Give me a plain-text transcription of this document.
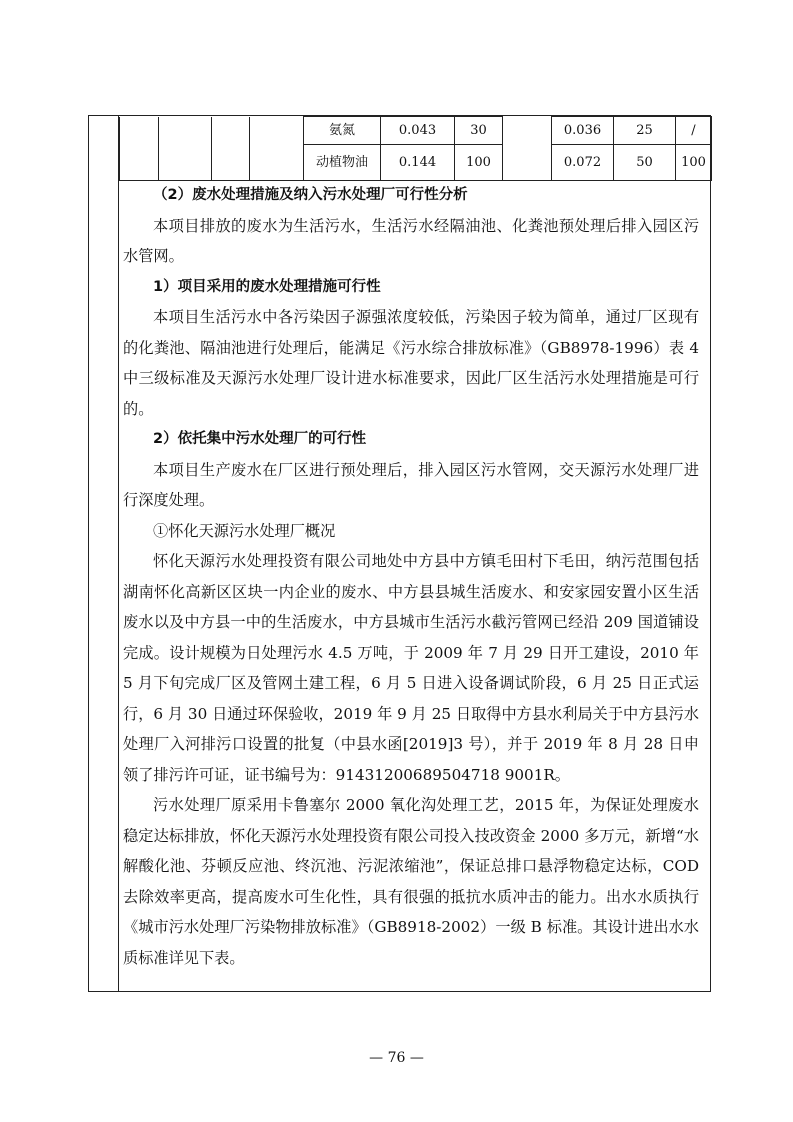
				氨氮	0.043	30		0.036	25	/
				动植物油	0.144	100		0.072	50	100

（2）废水处理措施及纳入污水处理厂可行性分析

本项目排放的废水为生活污水，生活污水经隔油池、化粪池预处理后排入园区污水管网。

1）项目采用的废水处理措施可行性

本项目生活污水中各污染因子源强浓度较低，污染因子较为简单，通过厂区现有的化粪池、隔油池进行处理后，能满足《污水综合排放标准》（GB8978-1996）表 4 中三级标准及天源污水处理厂设计进水标准要求，因此厂区生活污水处理措施是可行的。

2）依托集中污水处理厂的可行性

本项目生产废水在厂区进行预处理后，排入园区污水管网，交天源污水处理厂进行深度处理。

①怀化天源污水处理厂概况

怀化天源污水处理投资有限公司地处中方县中方镇毛田村下毛田，纳污范围包括湖南怀化高新区区块一内企业的废水、中方县县城生活废水、和安家园安置小区生活废水以及中方县一中的生活废水，中方县城市生活污水截污管网已经沿 209 国道铺设完成。设计规模为日处理污水 4.5 万吨，于 2009 年 7 月 29 日开工建设，2010 年 5 月下旬完成厂区及管网土建工程，6 月 5 日进入设备调试阶段，6 月 25 日正式运行，6 月 30 日通过环保验收，2019 年 9 月 25 日取得中方县水利局关于中方县污水处理厂入河排污口设置的批复（中县水函[2019]3 号），并于 2019 年 8 月 28 日申领了排污许可证，证书编号为：91431200689504718 9001R。

污水处理厂原采用卡鲁塞尔 2000 氧化沟处理工艺，2015 年，为保证处理废水稳定达标排放，怀化天源污水处理投资有限公司投入技改资金 2000 多万元，新增“水解酸化池、芬顿反应池、终沉池、污泥浓缩池”，保证总排口悬浮物稳定达标，COD 去除效率更高，提高废水可生化性，具有很强的抵抗水质冲击的能力。出水水质执行《城市污水处理厂污染物排放标准》（GB8918-2002）一级 B 标准。其设计进出水水质标准详见下表。

— 76 —
